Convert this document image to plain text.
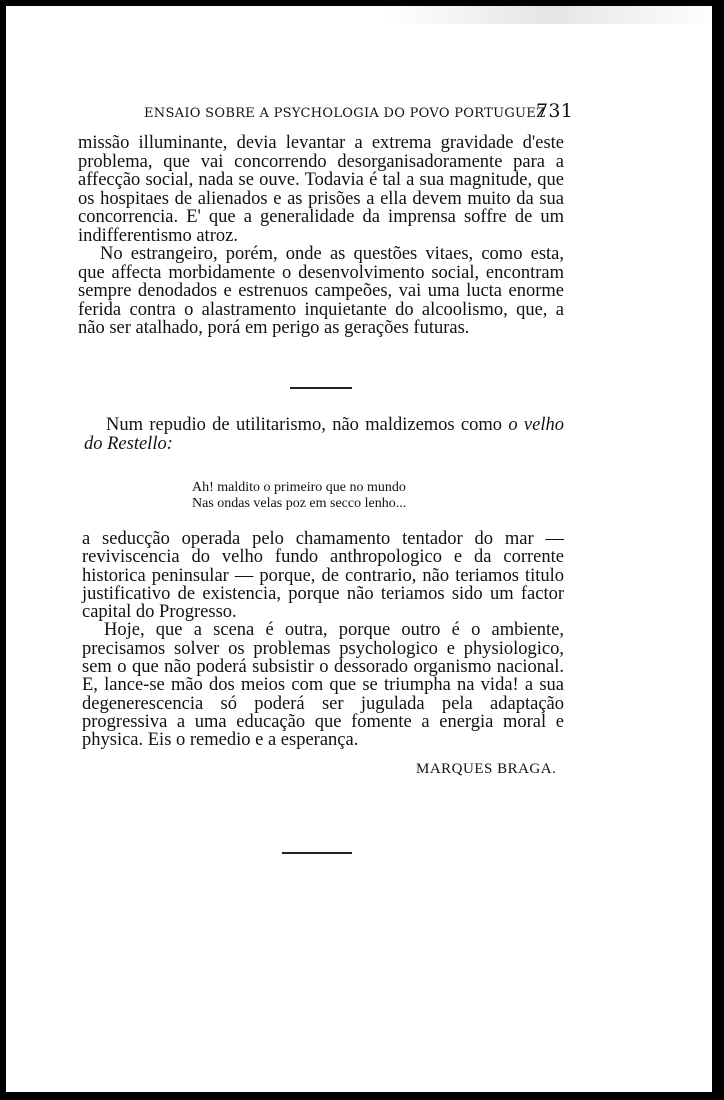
ENSAIO SOBRE A PSYCHOLOGIA DO POVO PORTUGUEZ
731

missão illuminante, devia levantar a extrema gravidade d'este problema, que vai concorrendo desorganisadoramente para a affecção social, nada se ouve. Todavia é tal a sua magnitude, que os hospitaes de alienados e as prisões a ella devem muito da sua concorrencia. E' que a generalidade da imprensa soffre de um indifferentismo atroz.

No estrangeiro, porém, onde as questões vitaes, como esta, que affecta morbidamente o desenvolvimento social, encontram sempre denodados e estrenuos campeões, vai uma lucta enorme ferida contra o alastramento inquietante do alcoolismo, que, a não ser atalhado, porá em perigo as gerações futuras.

Num repudio de utilitarismo, não maldizemos como o velho do Restello:

Ah! maldito o primeiro que no mundo
Nas ondas velas poz em secco lenho...

a seducção operada pelo chamamento tentador do mar — reviviscencia do velho fundo anthropologico e da corrente historica peninsular — porque, de contrario, não teriamos titulo justificativo de existencia, porque não teriamos sido um factor capital do Progresso.

Hoje, que a scena é outra, porque outro é o ambiente, precisamos solver os problemas psychologico e physiologico, sem o que não poderá subsistir o dessorado organismo nacional. E, lance-se mão dos meios com que se triumpha na vida! a sua degenerescencia só poderá ser jugulada pela adaptação progressiva a uma educação que fomente a energia moral e physica. Eis o remedio e a esperança.

MARQUES BRAGA.
